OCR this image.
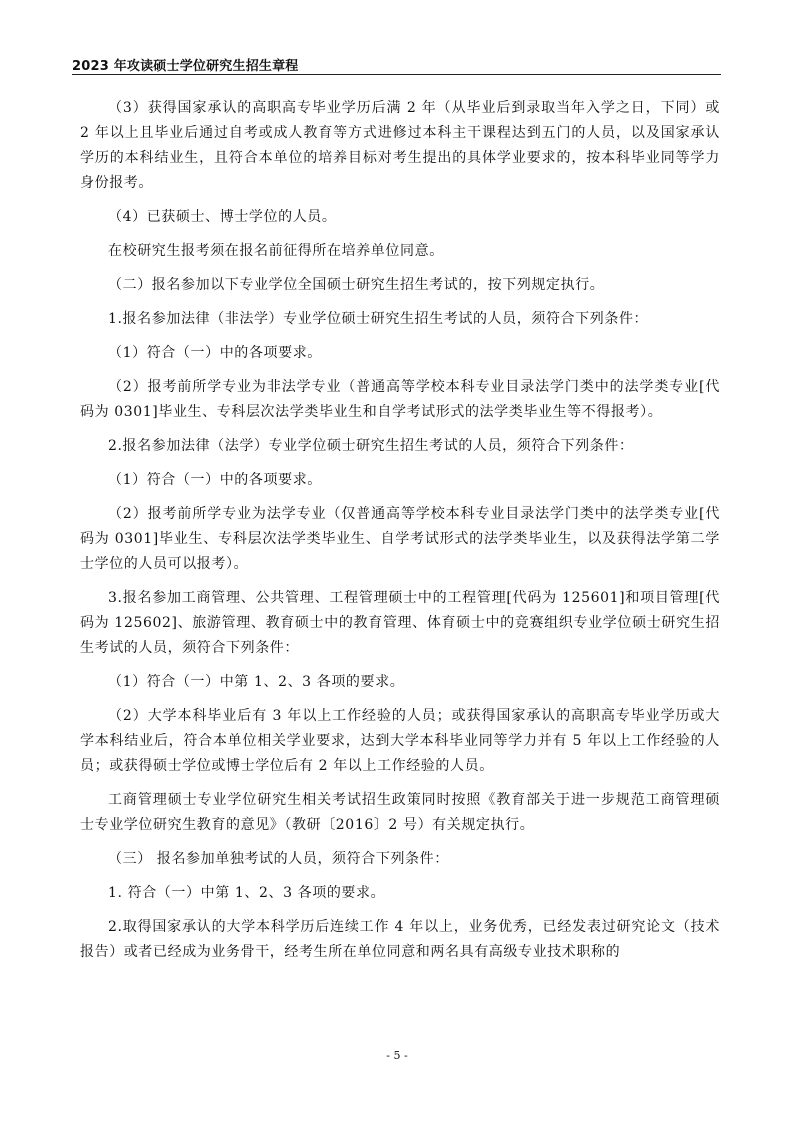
2023 年攻读硕士学位研究生招生章程

（3）获得国家承认的高职高专毕业学历后满 2 年（从毕业后到录取当年入学之日，下同）或 2 年以上且毕业后通过自考或成人教育等方式进修过本科主干课程达到五门的人员，以及国家承认学历的本科结业生，且符合本单位的培养目标对考生提出的具体学业要求的，按本科毕业同等学力身份报考。

（4）已获硕士、博士学位的人员。

在校研究生报考须在报名前征得所在培养单位同意。

（二）报名参加以下专业学位全国硕士研究生招生考试的，按下列规定执行。

1.报名参加法律（非法学）专业学位硕士研究生招生考试的人员，须符合下列条件：

（1）符合（一）中的各项要求。

（2）报考前所学专业为非法学专业（普通高等学校本科专业目录法学门类中的法学类专业[代码为 0301]毕业生、专科层次法学类毕业生和自学考试形式的法学类毕业生等不得报考）。

2.报名参加法律（法学）专业学位硕士研究生招生考试的人员，须符合下列条件：

（1）符合（一）中的各项要求。

（2）报考前所学专业为法学专业（仅普通高等学校本科专业目录法学门类中的法学类专业[代码为 0301]毕业生、专科层次法学类毕业生、自学考试形式的法学类毕业生，以及获得法学第二学士学位的人员可以报考）。

3.报名参加工商管理、公共管理、工程管理硕士中的工程管理[代码为 125601]和项目管理[代码为 125602]、旅游管理、教育硕士中的教育管理、体育硕士中的竞赛组织专业学位硕士研究生招生考试的人员，须符合下列条件：

（1）符合（一）中第 1、2、3 各项的要求。

（2）大学本科毕业后有 3 年以上工作经验的人员；或获得国家承认的高职高专毕业学历或大学本科结业后，符合本单位相关学业要求，达到大学本科毕业同等学力并有 5 年以上工作经验的人员；或获得硕士学位或博士学位后有 2 年以上工作经验的人员。

工商管理硕士专业学位研究生相关考试招生政策同时按照《教育部关于进一步规范工商管理硕士专业学位研究生教育的意见》（教研〔2016〕2 号）有关规定执行。

（三） 报名参加单独考试的人员，须符合下列条件：

1. 符合（一）中第 1、2、3 各项的要求。

2.取得国家承认的大学本科学历后连续工作 4 年以上，业务优秀，已经发表过研究论文（技术报告）或者已经成为业务骨干，经考生所在单位同意和两名具有高级专业技术职称的

- 5 -
